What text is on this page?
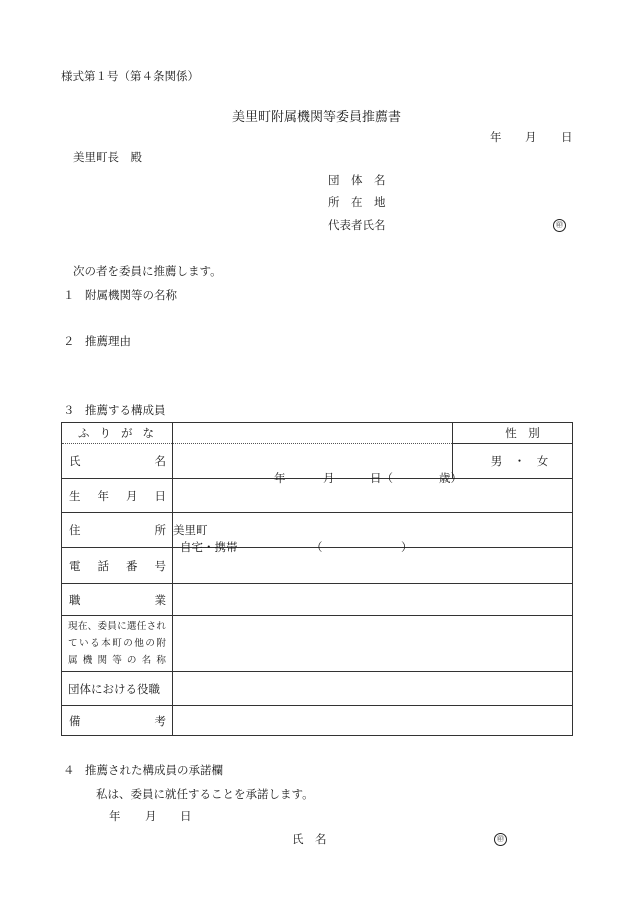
様式第１号（第４条関係）
美里町附属機関等委員推薦書
年 月 日
美里町長　殿
団　体　名
所　在　地
代表者氏名	㊞
次の者を委員に推薦します。
１ 附属機関等の名称
２ 推薦理由
３ 推薦する構成員
ふ り が な		性　別

氏 名		男　・　女

生 年 月 日	年 月 日（ 歳）	

住 所	美里町	

電 話 番 号	自宅・携帯 （ ）	

職 業		

現在、委員に選任され
ている本町の他の附
属機関等の名称		

団体における役職		

備 考		

４ 推薦された構成員の承諾欄
私は、委員に就任することを承諾します。
年 月 日
氏　名	㊞
